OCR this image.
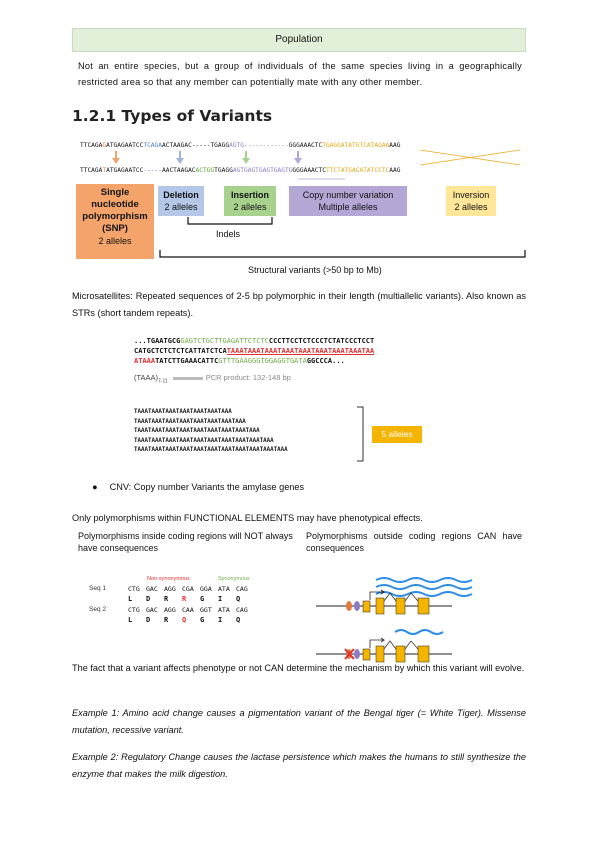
Population
Not an entire species, but a group of individuals of the same species living in a geographically restricted area so that any member can potentially mate with any other member.
1.2.1 Types of Variants
TTCAGAGATGAGAATCCTCAGAACTAAGAC-----TGAGGAGTG------------GGGAAACTCTGAGGATATGTCATAGAAAAG
TTCAGATATGAGAATCC-----AACTAAGACACTGGTGAGGAGTGAGTGAGTGAGTGGGGAAACTCTTCTATGACATATCCTCAAG
Single nucleotide polymorphism (SNP)
2 alleles
Deletion
2 alleles
Insertion
2 alleles
Copy number variation
Multiple alleles
Inversion
2 alleles
Indels
Structural variants (>50 bp to Mb)
Microsatellites: Repeated sequences of 2-5 bp polymorphic in their length (multiallelic variants). Also known as STRs (short tandem repeats).
...TGAATGCGGAGTCTGCTTGAGATTCTCTCCCCTTCCTCTCCCTCTATCCCTCCT
CATGCTCTCTCTCATTATCTCATAAATAAATAAATAAATAAATAAATAAATAAATAA
ATAAATATCTTGAAACATTCGTTTGAAGGGTGGAGGTGATAGGCCCA...
$(TAAA)_{7-11}$	PCR product: 132-148 bp
TAAATAAATAAATAAATAAATAAATAAA
TAAATAAATAAATAAATAAATAAATAAATAAA
TAAATAAATAAATAAATAAATAAATAAATAAATAAA
TAAATAAATAAATAAATAAATAAATAAATAAATAAATAAA
TAAATAAATAAATAAATAAATAAATAAATAAATAAATAAATAAA
5 alleles
● CNV: Copy number Variants the amylase genes
Only polymorphisms within FUNCTIONAL ELEMENTS may have phenotypical effects.
Polymorphisms inside coding regions will NOT always have consequences
Polymorphisms outside coding regions CAN have consequences
Non-synonymous	Synonymous
Seq 1
Seq 2
CTG GAC AGG CGA GGA ATA CAG
L D R R G I Q
CTG GAC AGG CAA GGT ATA CAG
L D R Q G I Q
The fact that a variant affects phenotype or not CAN determine the mechanism by which this variant will evolve.
Example 1: Amino acid change causes a pigmentation variant of the Bengal tiger (= White Tiger). Missense mutation, recessive variant.
Example 2: Regulatory Change causes the lactase persistence which makes the humans to still synthesize the enzyme that makes the milk digestion.
